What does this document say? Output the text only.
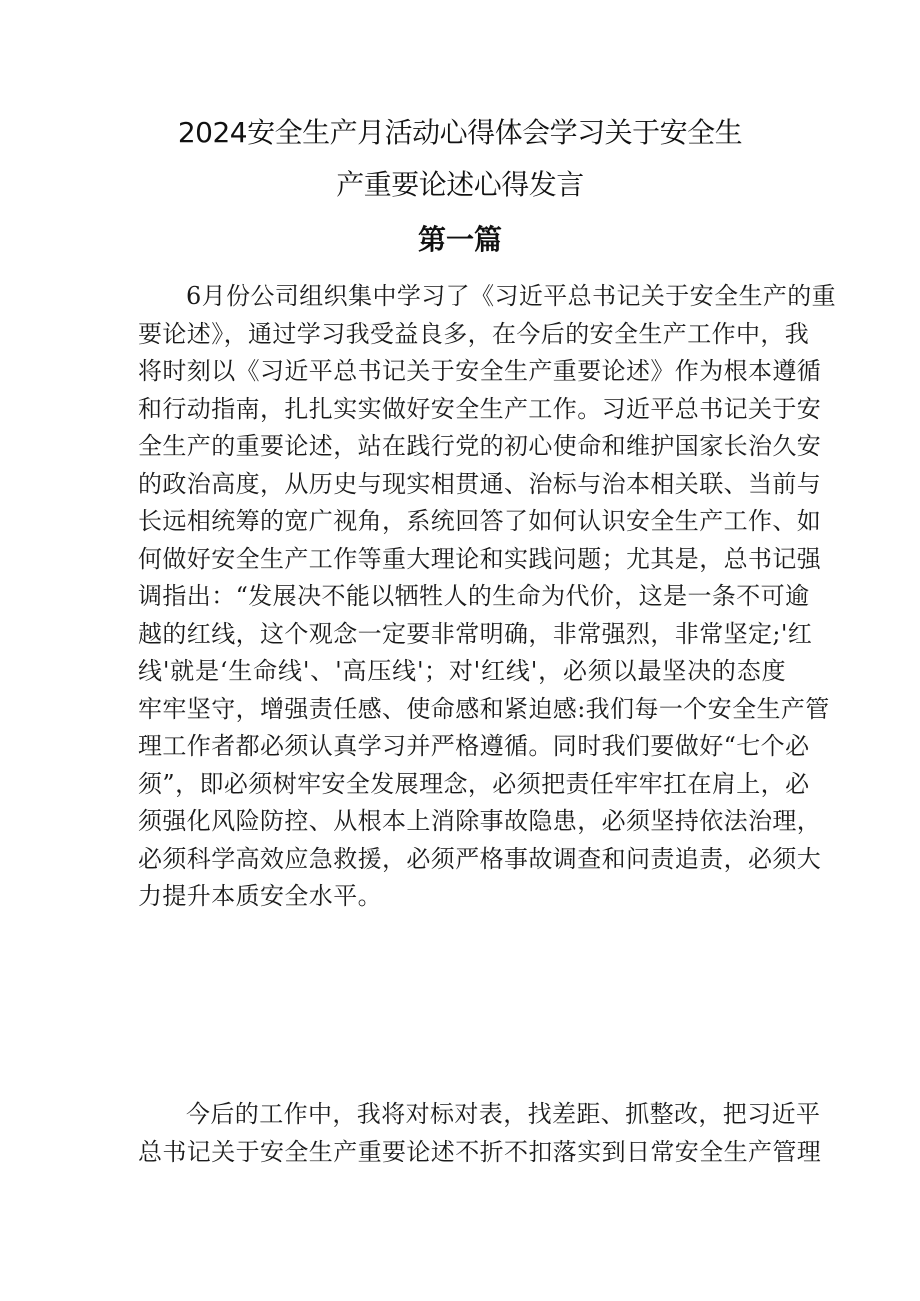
2024安全生产月活动心得体会学习关于安全生
产重要论述心得发言
第一篇
6月份公司组织集中学习了《习近平总书记关于安全生产的重
要论述》，通过学习我受益良多，在今后的安全生产工作中，我
将时刻以《习近平总书记关于安全生产重要论述》作为根本遵循
和行动指南，扎扎实实做好安全生产工作。习近平总书记关于安
全生产的重要论述，站在践行党的初心使命和维护国家长治久安
的政治高度，从历史与现实相贯通、治标与治本相关联、当前与
长远相统筹的宽广视角，系统回答了如何认识安全生产工作、如
何做好安全生产工作等重大理论和实践问题；尤其是，总书记强
调指出：“发展决不能以牺牲人的生命为代价，这是一条不可逾
越的红线，这个观念一定要非常明确，非常强烈，非常坚定;'红
线'就是‘生命线'、'高压线'；对'红线'，必须以最坚决的态度
牢牢坚守，增强责任感、使命感和紧迫感:我们每一个安全生产管
理工作者都必须认真学习并严格遵循。同时我们要做好“七个必
须”，即必须树牢安全发展理念，必须把责任牢牢扛在肩上，必
须强化风险防控、从根本上消除事故隐患，必须坚持依法治理，
必须科学高效应急救援，必须严格事故调查和问责追责，必须大
力提升本质安全水平。
今后的工作中，我将对标对表，找差距、抓整改，把习近平
总书记关于安全生产重要论述不折不扣落实到日常安全生产管理
